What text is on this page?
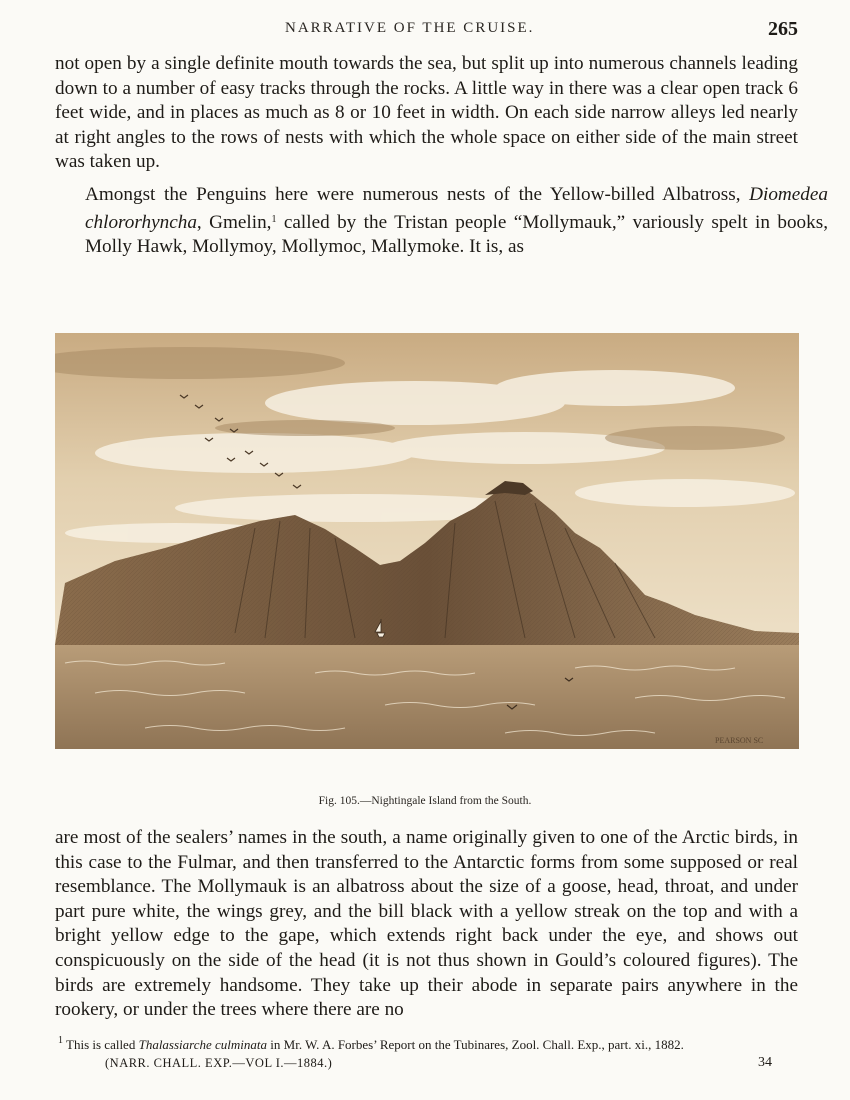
NARRATIVE OF THE CRUISE.	265

not open by a single definite mouth towards the sea, but split up into numerous channels leading down to a number of easy tracks through the rocks. A little way in there was a clear open track 6 feet wide, and in places as much as 8 or 10 feet in width. On each side narrow alleys led nearly at right angles to the rows of nests with which the whole space on either side of the main street was taken up.

Amongst the Penguins here were numerous nests of the Yellow-billed Albatross, Diomedea chlororhyncha, Gmelin,$^1$ called by the Tristan people “Mollymauk,” variously spelt in books, Molly Hawk, Mollymoy, Mollymoc, Mallymoke. It is, as

PEARSON SC
Fig. 105.—Nightingale Island from the South.

are most of the sealers’ names in the south, a name originally given to one of the Arctic birds, in this case to the Fulmar, and then transferred to the Antarctic forms from some supposed or real resemblance. The Mollymauk is an albatross about the size of a goose, head, throat, and under part pure white, the wings grey, and the bill black with a yellow streak on the top and with a bright yellow edge to the gape, which extends right back under the eye, and shows out conspicuously on the side of the head (it is not thus shown in Gould’s coloured figures). The birds are extremely handsome. They take up their abode in separate pairs anywhere in the rookery, or under the trees where there are no

$^1$ This is called Thalassiarche culminata in Mr. W. A. Forbes’ Report on the Tubinares, Zool. Chall. Exp., part. xi., 1882.
(NARR. CHALL. EXP.—VOL I.—1884.)	34
